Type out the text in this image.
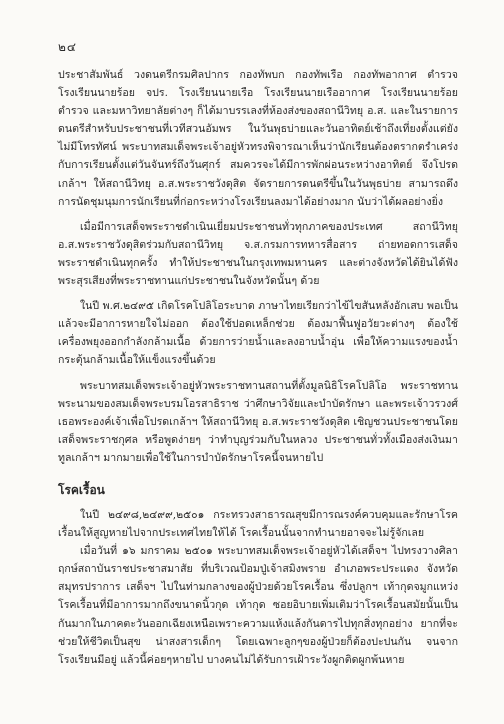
๒๔

ประชาสัมพันธ์ วงดนตรีกรมศิลปากร กองทัพบก กองทัพเรือ กองทัพอากาศ ตำรวจ โรงเรียนนายร้อย จปร. โรงเรียนนายเรือ โรงเรียนนายเรืออากาศ โรงเรียนนายร้อยตำรวจ และมหาวิทยาลัยต่างๆ ก็ได้มาบรรเลงที่ห้องส่งของสถานีวิทยุ อ.ส. และในรายการดนตรีสำหรับประชาชนที่เวทีสวนอัมพร ในวันพุธบ่ายและวันอาทิตย์เช้าถึงเที่ยงตั้งแต่ยังไม่มีโทรทัศน์ พระบาทสมเด็จพระเจ้าอยู่หัวทรงพิจารณาเห็นว่านักเรียนต้องตรากตรำเคร่งกับการเรียนตั้งแต่วันจันทร์ถึงวันศุกร์ สมควรจะได้มีการพักผ่อนระหว่างอาทิตย์ จึงโปรดเกล้าฯ ให้สถานีวิทยุ อ.ส.พระราชวังดุสิต จัดรายการดนตรีขึ้นในวันพุธบ่าย สามารถดึงการนัดชุมนุมการนักเรียนที่ก่อกระหว่างโรงเรียนลงมาได้อย่างมาก นับว่าได้ผลอย่างยิ่ง

เมื่อมีการเสด็จพระราชดำเนินเยี่ยมประชาชนทั่วทุกภาคของประเทศ สถานีวิทยุอ.ส.พระราชวังดุสิตร่วมกับสถานีวิทยุ จ.ส.กรมการทหารสื่อสาร ถ่ายทอดการเสด็จพระราชดำเนินทุกครั้ง ทำให้ประชาชนในกรุงเทพมหานคร และต่างจังหวัดได้ยินได้ฟังพระสุรเสียงที่พระราชทานแก่ประชาชนในจังหวัดนั้นๆ ด้วย

ในปี พ.ศ.๒๔๙๕ เกิดโรคโปลิโอระบาด ภาษาไทยเรียกว่าไข้ไขสันหลังอักเสบ พอเป็นแล้วจะมีอาการหายใจไม่ออก ต้องใช้ปอดเหล็กช่วย ต้องมาฟื้นฟูอวัยวะต่างๆ ต้องใช้เครื่องพยุงออกกำลังกล้ามเนื้อ ด้วยการว่ายน้ำและลงอาบน้ำอุ่น เพื่อให้ความแรงของน้ำกระตุ้นกล้ามเนื้อให้แข็งแรงขึ้นด้วย

พระบาทสมเด็จพระเจ้าอยู่หัวพระราชทานสถานที่ตั้งมูลนิธิโรคโปลิโอ พระราชทานพระนามของสมเด็จพระบรมโอรสาธิราช ว่าศึกษาวิจัยและบำบัดรักษา และพระเจ้าวรวงศ์เธอพระองค์เจ้าเพื่อโปรดเกล้าฯ ให้สถานีวิทยุ อ.ส.พระราชวังดุสิต เชิญชวนประชาชนโดยเสด็จพระราชกุศล หรือพูดง่ายๆ ว่าทำบุญร่วมกับในหลวง ประชาชนทั่วทั้งเมืองส่งเงินมาทูลเกล้าฯ มากมายเพื่อใช้ในการบำบัดรักษาโรคนี้จนหายไป

โรคเรื้อน

ในปี ๒๔๙๘,๒๔๙๙,๒๕๐๑ กระทรวงสาธารณสุขมีการณรงค์ควบคุมและรักษาโรคเรื้อนให้สูญหายไปจากประเทศไทยให้ได้ โรคเรื้อนนั้นจากทำนายอาจจะไม่รู้จักเลย

เมื่อวันที่ ๑๖ มกราคม ๒๕๐๑ พระบาทสมเด็จพระเจ้าอยู่หัวได้เสด็จฯ ไปทรงวางศิลาฤกษ์สถาบันราชประชาสมาสัย ที่บริเวณป้อมปู่เจ้าสมิงพราย อำเภอพระประแดง จังหวัดสมุทรปราการ เสด็จฯ ไปในท่ามกลางของผู้ป่วยด้วยโรคเรื้อน ซึ่งปลูกฯ เท้ากุดจมูกแหว่ง โรคเรื้อนที่มีอาการมากถึงขนาดนิ้วกุด เท้ากุด ซอยอิบายเพิ่มเติมว่าโรคเรื้อนสมัยนั้นเป็นกันมากในภาคตะวันออกเฉียงเหนือเพราะความแห้งแล้งกันดารไปทุกสิ่งทุกอย่าง ยากที่จะช่วยให้ชีวิตเป็นสุข น่าสงสารเด็กๆ โดยเฉพาะลูกๆของผู้ป่วยก็ต้องปะปนกัน จนจากโรงเรียนมีอยู่ แล้วนี้ค่อยๆหายไป บางคนไม่ได้รับการเฝ้าระวังผูกติดผูกพ้นหาย
